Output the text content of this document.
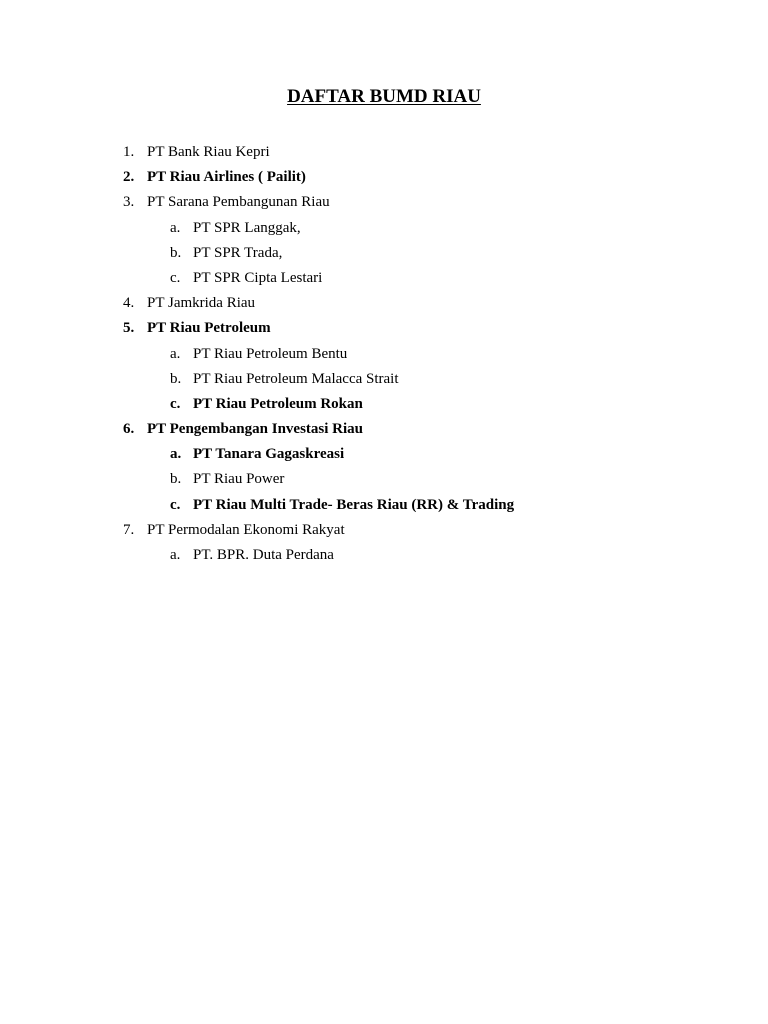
DAFTAR BUMD RIAU
1. PT Bank Riau Kepri
2. PT Riau Airlines ( Pailit)
3. PT Sarana Pembangunan Riau
a. PT SPR Langgak,
b. PT SPR Trada,
c. PT SPR Cipta Lestari
4. PT Jamkrida Riau
5. PT Riau Petroleum
a. PT Riau Petroleum Bentu
b. PT Riau Petroleum Malacca Strait
c. PT Riau Petroleum Rokan
6. PT Pengembangan Investasi Riau
a. PT Tanara Gagaskreasi
b. PT Riau Power
c. PT Riau Multi Trade- Beras Riau (RR) & Trading
7. PT Permodalan Ekonomi Rakyat
a. PT. BPR. Duta Perdana
